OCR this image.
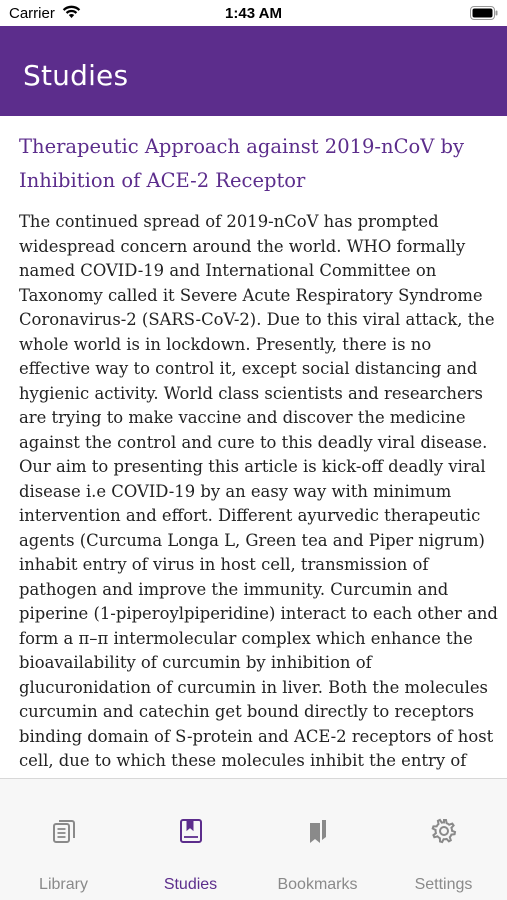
Carrier	1:43 AM
Studies
Therapeutic Approach against 2019-nCoV by Inhibition of ACE-2 Receptor
The continued spread of 2019-nCoV has prompted
widespread concern around the world. WHO formally
named COVID-19 and International Committee on
Taxonomy called it Severe Acute Respiratory Syndrome
Coronavirus-2 (SARS-CoV-2). Due to this viral attack, the
whole world is in lockdown. Presently, there is no
effective way to control it, except social distancing and
hygienic activity. World class scientists and researchers
are trying to make vaccine and discover the medicine
against the control and cure to this deadly viral disease.
Our aim to presenting this article is kick-off deadly viral
disease i.e COVID-19 by an easy way with minimum
intervention and effort. Different ayurvedic therapeutic
agents (Curcuma Longa L, Green tea and Piper nigrum)
inhabit entry of virus in host cell, transmission of
pathogen and improve the immunity. Curcumin and
piperine (1-piperoylpiperidine) interact to each other and
form a π–π intermolecular complex which enhance the
bioavailability of curcumin by inhibition of
glucuronidation of curcumin in liver. Both the molecules
curcumin and catechin get bound directly to receptors
binding domain of S-protein and ACE-2 receptors of host
cell, due to which these molecules inhibit the entry of
Library	Studies	Bookmarks	Settings
